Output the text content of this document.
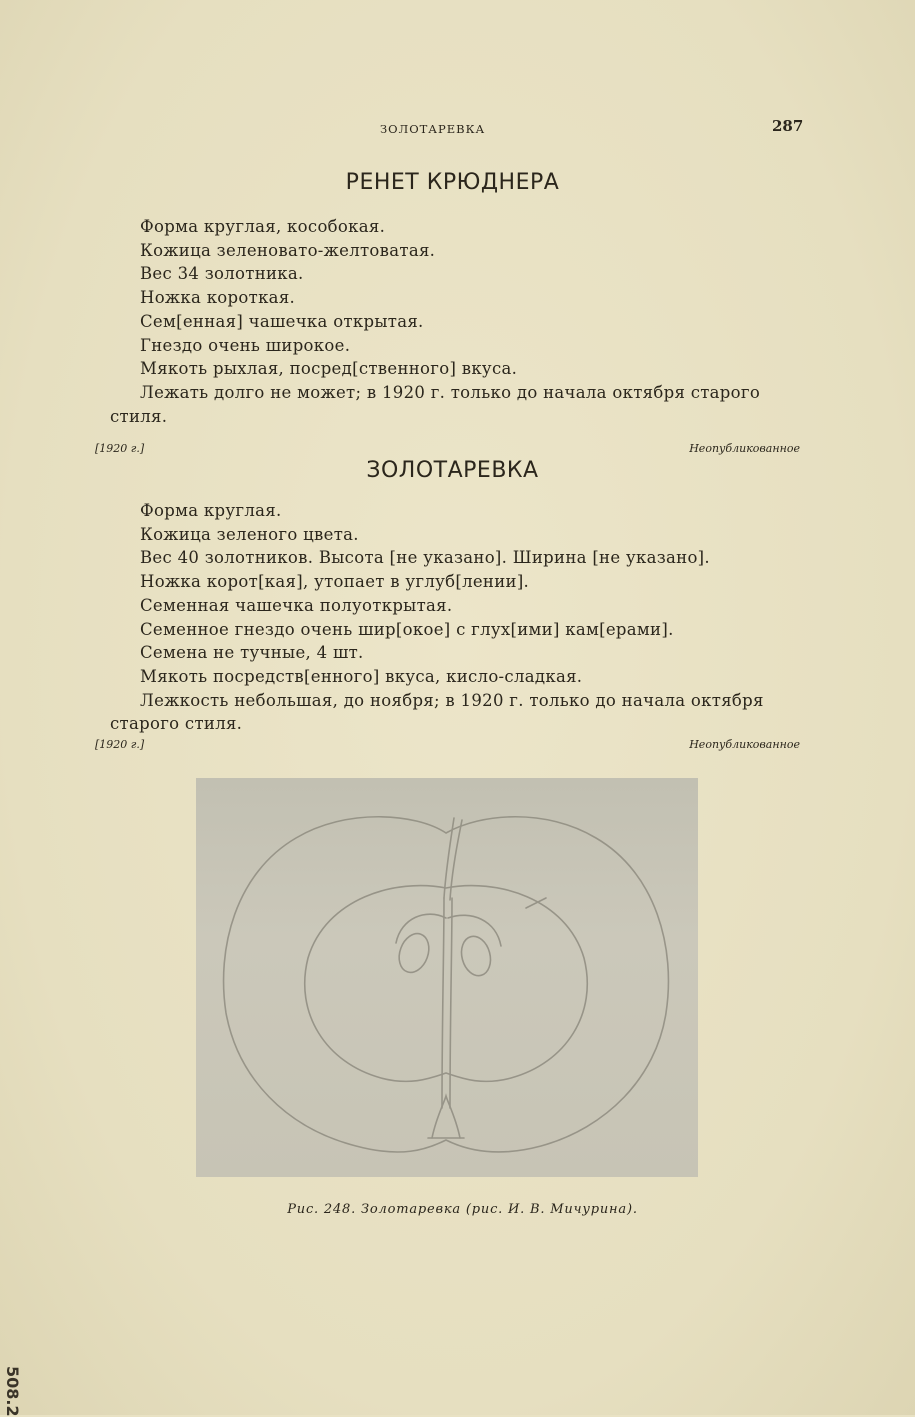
ЗОЛОТАРЕВКА	287
РЕНЕТ КРЮДНЕРА

Форма круглая, кособокая.

Кожица зеленовато-желтоватая.

Вес 34 золотника.

Ножка короткая.

Сем[енная] чашечка открытая.

Гнездо очень широкое.

Мякоть рыхлая, посред[ственного] вкуса.

Лежать долго не может; в 1920 г. только до начала октября старого стиля.

[1920 г.]	Неопубликованное
ЗОЛОТАРЕВКА

Форма круглая.

Кожица зеленого цвета.

Вес 40 золотников. Высота [не указано]. Ширина [не указано].

Ножка корот[кая], утопает в углуб[лении].

Семенная чашечка полуоткрытая.

Семенное гнездо очень шир[окое] с глух[ими] кам[ерами].

Семена не тучные, 4 шт.

Мякоть посредств[енного] вкуса, кисло-сладкая.

Лежкость небольшая, до ноября; в 1920 г. только до начала октября старого стиля.

[1920 г.]	Неопубликованное
Рис. 248. Золотаревка (рис. И. В. Мичурина).
508.2
